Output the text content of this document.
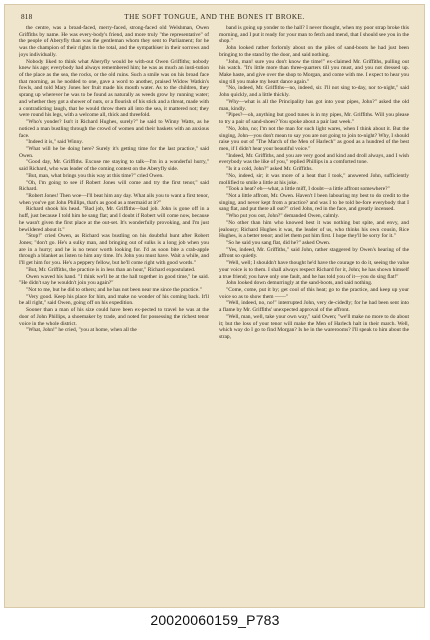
818	THE SOFT TONGUE, AND THE BONES IT BROKE.

the centre, was a broad-faced, merry-faced, strong-faced old Welshman, Owen Griffiths by name. He was every-body's friend, and more truly "the representative" of the people of Aberyfly than was the gentleman whom they sent to Parliament; for he was the champion of their rights in the total, and the sympathiser in their sorrows and joys individually.

Nobody liked to think what Aberyfly would be with-out Owen Griffiths; nobody knew his age; everybody had always remembered him; he was as much an insti-tution of the place as the sea, the rocks, or the old ruins. Such a smile was on his broad face that morning, as he nodded to one, gave a word to another, praised Widow Watkin's fowls, and told Mary Jones her fruit made his mouth water. As to the children, they sprang up wherever he was to be found as naturally as weeds grow by running water; and whether they got a shower of nuts, or a flourish of his stick and a threat, made with a contradicting laugh, that he would throw them all into the sea, it mattered not; they were round his legs, with a welcome all, thick and threefold.

"Who's yonder? Isn't it Richard Hughes, surely?" he said to Winny Watts, as he noticed a man bustling through the crowd of women and their baskets with an anxious face.

"Indeed it is," said Winny.

"What will he be doing here? Surely it's getting time for the last practice," said Owen.

"Good day, Mr. Griffiths. Excuse me staying to talk—I'm in a wonderful hurry," said Richard, who was leader of the coming contest on the Aberyfly side.

"But, man, what brings you this way at this time?" cried Owen.

"Oh, I'm going to see if Robert Jones will come and try the first tenor," said Richard.

"Robert Jones! Then woe—I'll beat him any day. What ails you to want a first tenor, when you've got John Phillips, that's as good as a mermaid at it?"

Richard shook his head. "Bad job, Mr. Griffiths—bad job. John is gone off in a huff, just because I told him he sang flat; and I doubt if Robert will come now, because he wasn't given the first place at the out-set. It's wonderfully provoking, and I'm just bewildered about it."

"Stop!" cried Owen, as Richard was bustling on his doubtful hunt after Robert Jones; "don't go. He's a sulky man, and bringing out of sulks is a long job when you are in a hurry; and he is no tenor worth looking for. I'd as soon bite a crab-apple through a blanket as listen to him any time. It's John you must have. Wait a while, and I'll get him for you. He's a peppery fellow, but he'll come right with good words."

"But, Mr. Griffiths, the practice is in less than an hour," Richard expostulated.

Owen waved his hand. "I think we'll be at the hall together in good time," he said. "He didn't say he wouldn't join you again?"

"Not to me, but he did to others; and he has not been near me since the practice."

"Very good. Keep his place for him, and make no wonder of his coming back. It'll be all right," said Owen, going off on his expedition.

Sooner than a man of his size could have been ex-pected to travel he was at the door of John Phillips, a shoemaker by trade, and noted for possessing the richest tenor voice in the whole district.

"What, John!" he cried, "you at home, when all the

band is going up yonder to the hall? I never thought, when my poor strap broke this morning, and I put it ready for your man to fetch and mend, that I should see you in the shop."

John looked rather forlornly about on the piles of sand-boots he had just been bringing to the stand by the door, and said nothing.

"John, man! sure you don't know the time!" ex-claimed Mr. Griffiths, pulling out his watch. "It's little more than three-quarters till you must, and you not dressed up. Make haste, and give over the shop to Morgan, and come with me. I expect to hear you sing till you make my heart dance again."

"No, indeed, Mr. Griffiths—no, indeed, sir. I'll not sing to-day, nor to-night," said John quickly, and a little thickly.

"Why—what is all the Principality has got into your pipes, John?" asked the old man, kindly.

"Pipes?—oh, anything but good tunes is in my pipes, Mr. Griffiths. Will you please to try a pair of sand-shoes? You spoke about a pair last week."

"No, John, no; I'm not the man for such light wares, when I think about it. But the singing, John—you don't mean to say you are not going to join to-night? Why, I should raise you out of "The March of the Men of Harlech" as good as a hundred of the best men, if I didn't hear your beautiful voice."

"Indeed, Mr. Griffiths, and you are very good and kind and droll always, and I wish everybody was the like of you," replied Phillips in a comforted tone.

"Is it a cold, John?" asked Mr. Griffiths.

"No, indeed, sir; it was more of a heat that I took," answered John, sufficiently mollified to smile a little at his joke.

"Took a heat? eh—what, a little miff, I doubt—a little affront somewhere?"

"Not a little affront, Mr. Owen. Haven't I been labouring my best to do credit to the singing, and never kept from a practice? and was I to be told be-fore everybody that I sang flat, and put there all out?" cried John, red in the face, and greatly incensed.

"Who put you out, John?" demanded Owen, calmly.

"No other than him who knowed best it was nothing but spite, and envy, and jealousy; Richard Hughes it was, the leader of us, who thinks his own cousin, Rice Hughes, is a better tenor; and let them put him first. I hope they'll be sorry for it."

"So he said you sang flat, did he?" asked Owen.

"Yes, indeed, Mr. Griffiths," said John, rather staggered by Owen's hearing of the affront so quietly.

"Well, well; I shouldn't have thought he'd have the courage to do it, seeing the value your voice is to them. I shall always respect Richard for it, John; he has shown himself a true friend; you have only one fault, and he has told you of it—you do sing flat!"

John looked down demurringly at the sand-boots, and said nothing.

"Come, come, put it by; get cool of this heat; go to the practice, and keep up your voice so as to show them ——"

"Well, indeed, no, no!" interrupted John, very de-cidedly; for he had been sent into a flame by Mr. Griffiths' unexpected approval of the affront.

"Well, man, well, take your own way," said Owen; "we'll make no more to do about it; but the loss of your tenor will make the Men of Harlech halt in their march. Well, which way do I go to find Morgan? Is he in the warerooms? I'll speak to him about the strap,

20020060159_P783
